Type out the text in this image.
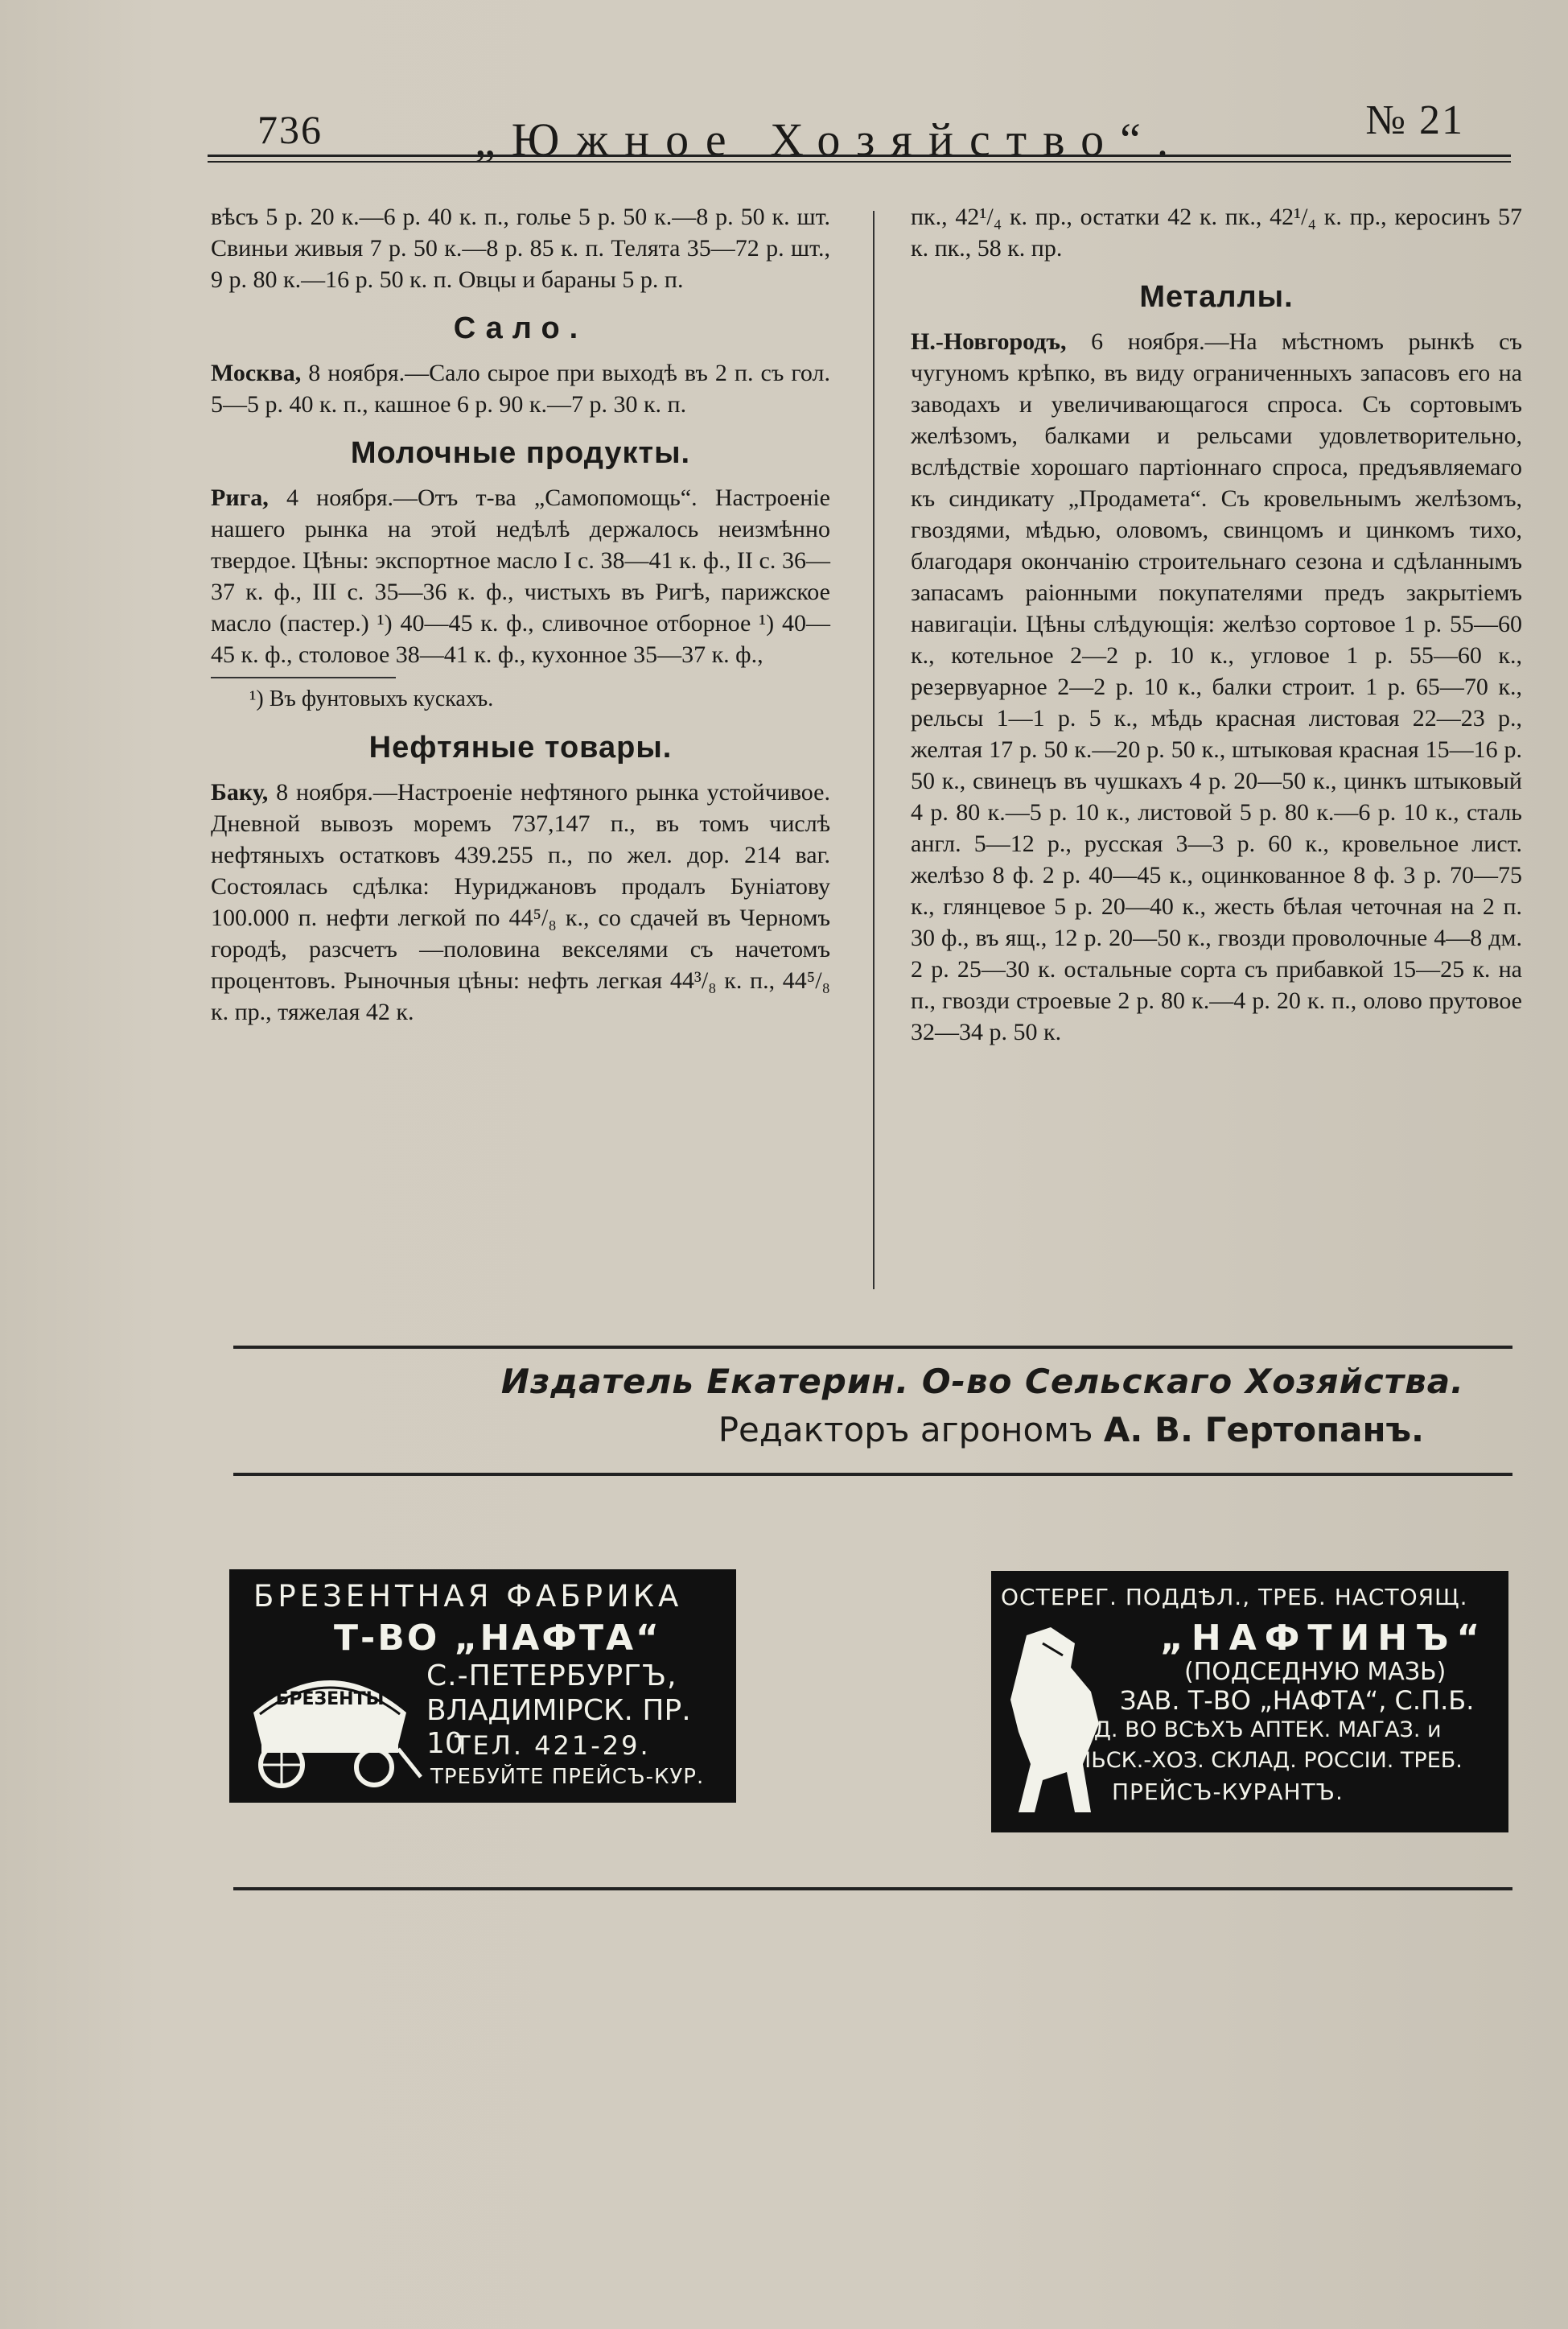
736	„Южное Хозяйство“.	№ 21

вѣсъ 5 р. 20 к.—6 р. 40 к. п., голье 5 р. 50 к.—8 р. 50 к. шт. Свиньи живыя 7 р. 50 к.—8 р. 85 к. п. Телята 35—72 р. шт., 9 р. 80 к.—16 р. 50 к. п. Овцы и бараны 5 р. п.

Сало.

Москва, 8 ноября.—Сало сырое при выходѣ въ 2 п. съ гол. 5—5 р. 40 к. п., кашное 6 р. 90 к.—7 р. 30 к. п.

Молочные продукты.

Рига, 4 ноября.—Отъ т-ва „Самопомощь“. Настроеніе нашего рынка на этой недѣлѣ держалось неизмѣнно твердое. Цѣны: экспортное масло I с. 38—41 к. ф., II с. 36—37 к. ф., III с. 35—36 к. ф., чистыхъ въ Ригѣ, парижское масло (пастер.) ¹) 40—45 к. ф., сливочное отборное ¹) 40—45 к. ф., столовое 38—41 к. ф., кухонное 35—37 к. ф.,

¹) Въ фунтовыхъ кускахъ.

Нефтяные товары.

Баку, 8 ноября.—Настроеніе нефтяного рынка устойчивое. Дневной вывозъ моремъ 737,147 п., въ томъ числѣ нефтяныхъ остатковъ 439.255 п., по жел. дор. 214 ваг. Состоялась сдѣлка: Нуриджановъ продалъ Буніатову 100.000 п. нефти легкой по 44⁵/₈ к., со сдачей въ Черномъ городѣ, разсчетъ —половина векселями съ начетомъ процентовъ. Рыночныя цѣны: нефть легкая 44³/₈ к. п., 44⁵/₈ к. пр., тяжелая 42 к.

пк., 42¹/₄ к. пр., остатки 42 к. пк., 42¹/₄ к. пр., керосинъ 57 к. пк., 58 к. пр.

Металлы.

Н.-Новгородъ, 6 ноября.—На мѣстномъ рынкѣ съ чугуномъ крѣпко, въ виду ограниченныхъ запасовъ его на заводахъ и увеличивающагося спроса. Съ сортовымъ желѣзомъ, балками и рельсами удовлетворительно, вслѣдствіе хорошаго партіоннаго спроса, предъявляемаго къ синдикату „Продамета“. Съ кровельнымъ желѣзомъ, гвоздями, мѣдью, оловомъ, свинцомъ и цинкомъ тихо, благодаря окончанію строительнаго сезона и сдѣланнымъ запасамъ раіонными покупателями предъ закрытіемъ навигаціи. Цѣны слѣдующія: желѣзо сортовое 1 р. 55—60 к., котельное 2—2 р. 10 к., угловое 1 р. 55—60 к., резервуарное 2—2 р. 10 к., балки строит. 1 р. 65—70 к., рельсы 1—1 р. 5 к., мѣдь красная листовая 22—23 р., желтая 17 р. 50 к.—20 р. 50 к., штыковая красная 15—16 р. 50 к., свинецъ въ чушкахъ 4 р. 20—50 к., цинкъ штыковый 4 р. 80 к.—5 р. 10 к., листовой 5 р. 80 к.—6 р. 10 к., сталь англ. 5—12 р., русская 3—3 р. 60 к., кровельное лист. желѣзо 8 ф. 2 р. 40—45 к., оцинкованное 8 ф. 3 р. 70—75 к., глянцевое 5 р. 20—40 к., жесть бѣлая четочная на 2 п. 30 ф., въ ящ., 12 р. 20—50 к., гвозди проволочные 4—8 дм. 2 р. 25—30 к. остальные сорта съ прибавкой 15—25 к. на п., гвозди строевые 2 р. 80 к.—4 р. 20 к. п., олово прутовое 32—34 р. 50 к.

Издатель Екатерин. О-во Сельскаго Хозяйства.
Редакторъ агрономъ А. В. Гертопанъ.
БРЕЗЕНТНАЯ ФАБРИКА
Т-ВО „НАФТА“
БРЕЗЕНТЫ
С.-ПЕТЕРБУРГЪ,
ВЛАДИМІРСК. ПР. 10
ТЕЛ. 421-29.
ТРЕБУЙТЕ ПРЕЙСЪ-КУР.
ОСТЕРЕГ. ПОДДѢЛ., ТРЕБ. НАСТОЯЩ.
„НАФТИНЪ“
(ПОДСЕДНУЮ МАЗЬ)
ЗАВ. Т-ВО „НАФТА“, С.П.Б.
ПРОД. ВО ВСѢХЪ АПТЕК. МАГАЗ. и
СЕЛЬСК.-ХОЗ. СКЛАД. РОССІИ. ТРЕБ.
ПРЕЙСЪ-КУРАНТЪ.
